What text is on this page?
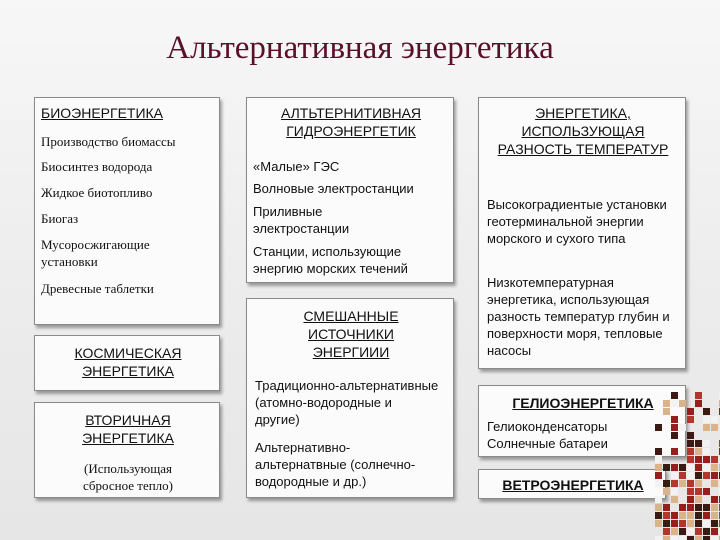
Альтернативная энергетика
БИОЭНЕРГЕТИКА
Производство биомассы
Биосинтез водорода
Жидкое биотопливо
Биогаз
Мусоросжигающие установки
Древесные таблетки
КОСМИЧЕСКАЯ ЭНЕРГЕТИКА
ВТОРИЧНАЯ ЭНЕРГЕТИКА
(Использующая сбросное тепло)
АЛТЬТЕРНИТИВНАЯ ГИДРОЭНЕРГЕТИК
«Малые» ГЭС
Волновые электростанции
Приливные электростанции
Станции, использующие энергию морских течений
СМЕШАННЫЕ ИСТОЧНИКИ ЭНЕРГИИИ
Традиционно-альтернативные (атомно-водородные и другие)
Альтернативно-альтернатвные (солнечно-водородные и др.)
ЭНЕРГЕТИКА, ИСПОЛЬЗУЮЩАЯ РАЗНОСТЬ ТЕМПЕРАТУР
Высокоградиентые установки геотерминальной энергии морского и сухого типа
Низкотемпературная энергетика, использующая разность температур глубин и поверхности моря, тепловые насосы
ГЕЛИОЭНЕРГЕТИКА
Гелиоконденсаторы
Солнечные батареи
ВЕТРОЭНЕРГЕТИКА
